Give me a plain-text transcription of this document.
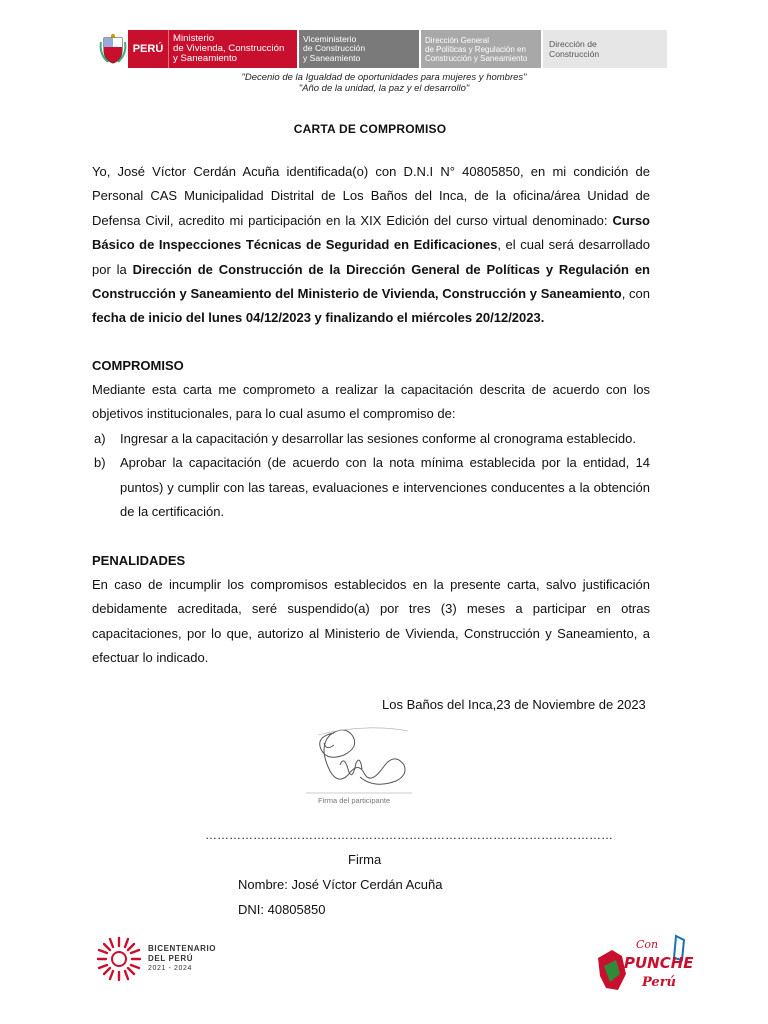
PERÚ
Ministerio
de Vivienda, Construcción
y Saneamiento
Viceministerio
de Construcción
y Saneamiento
Dirección General
de Políticas y Regulación en
Construcción y Saneamiento
Dirección de
Construcción
"Decenio de la Igualdad de oportunidades para mujeres y hombres"
"Año de la unidad, la paz y el desarrollo"
CARTA DE COMPROMISO
Yo, José Víctor Cerdán Acuña identificada(o) con D.N.I N° 40805850, en mi condición de Personal CAS Municipalidad Distrital de Los Baños del Inca, de la oficina/área Unidad de Defensa Civil, acredito mi participación en la XIX Edición del curso virtual denominado: Curso Básico de Inspecciones Técnicas de Seguridad en Edificaciones, el cual será desarrollado por la Dirección de Construcción de la Dirección General de Políticas y Regulación en Construcción y Saneamiento del Ministerio de Vivienda, Construcción y Saneamiento, con fecha de inicio del lunes 04/12/2023 y finalizando el miércoles 20/12/2023.
COMPROMISO
Mediante esta carta me comprometo a realizar la capacitación descrita de acuerdo con los objetivos institucionales, para lo cual asumo el compromiso de:
a)	Ingresar a la capacitación y desarrollar las sesiones conforme al cronograma establecido.
b)	Aprobar la capacitación (de acuerdo con la nota mínima establecida por la entidad, 14 puntos) y cumplir con las tareas, evaluaciones e intervenciones conducentes a la obtención de la certificación.
PENALIDADES
En caso de incumplir los compromisos establecidos en la presente carta, salvo justificación debidamente acreditada, seré suspendido(a) por tres (3) meses a participar en otras capacitaciones, por lo que, autorizo al Ministerio de Vivienda, Construcción y Saneamiento, a efectuar lo indicado.
Los Baños del Inca,23 de Noviembre de 2023
Firma del participante
…………………………………………………………………………………………
Firma
Nombre: José Víctor Cerdán Acuña
DNI: 40805850
BICENTENARIO
DEL PERÚ
2021 - 2024
Con
PUNCHE
Perú
